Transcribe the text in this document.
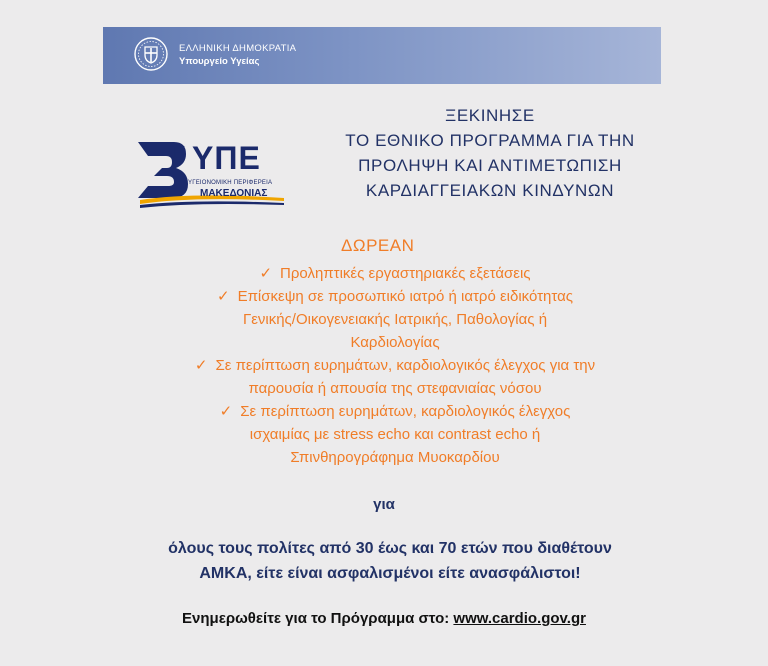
ΕΛΛΗΝΙΚΗ ΔΗΜΟΚΡΑΤΙΑ
Υπουργείο Υγείας
Η ΥΠΕ
ΥΓΕΙΟΝΟΜΙΚΗ ΠΕΡΙΦΕΡΕΙΑ
ΜΑΚΕΔΟΝΙΑΣ
ΞΕΚΙΝΗΣΕ
ΤΟ ΕΘΝΙΚΟ ΠΡΟΓΡΑΜΜΑ ΓΙΑ ΤΗΝ
ΠΡΟΛΗΨΗ ΚΑΙ ΑΝΤΙΜΕΤΩΠΙΣΗ
ΚΑΡΔΙΑΓΓΕΙΑΚΩΝ ΚΙΝΔΥΝΩΝ
ΔΩΡΕΑΝ
✓ Προληπτικές εργαστηριακές εξετάσεις
✓ Επίσκεψη σε προσωπικό ιατρό ή ιατρό ειδικότητας
Γενικής/Οικογενειακής Ιατρικής, Παθολογίας ή
Καρδιολογίας
✓ Σε περίπτωση ευρημάτων, καρδιολογικός έλεγχος για την
παρουσία ή απουσία της στεφανιαίας νόσου
✓ Σε περίπτωση ευρημάτων, καρδιολογικός έλεγχος
ισχαιμίας με stress echo και contrast echo ή
Σπινθηρογράφημα Μυοκαρδίου
για
όλους τους πολίτες από 30 έως και 70 ετών που διαθέτουν
ΑΜΚΑ, είτε είναι ασφαλισμένοι είτε ανασφάλιστοι!
Ενημερωθείτε για το Πρόγραμμα στο: www.cardio.gov.gr
